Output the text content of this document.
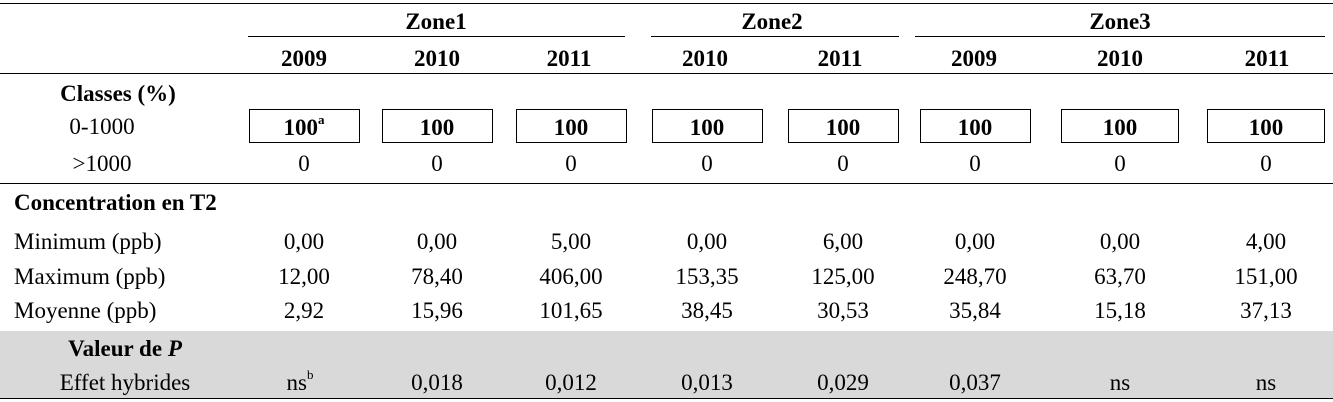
Zone1	Zone2	Zone3
2009	2010	2011	2010	2011	2009	2010	2011
Classes (%)
0-1000	100$^a$	100	100	100	100	100	100	100
>1000	0	0	0	0	0	0	0	0
Concentration en T2
Minimum (ppb)	0,00	0,00	5,00	0,00	6,00	0,00	0,00	4,00
Maximum (ppb)	12,00	78,40	406,00	153,35	125,00	248,70	63,70	151,00
Moyenne (ppb)	2,92	15,96	101,65	38,45	30,53	35,84	15,18	37,13
Valeur de P
Effet hybrides	$ns^b$	0,018	0,012	0,013	0,029	0,037	ns	ns
